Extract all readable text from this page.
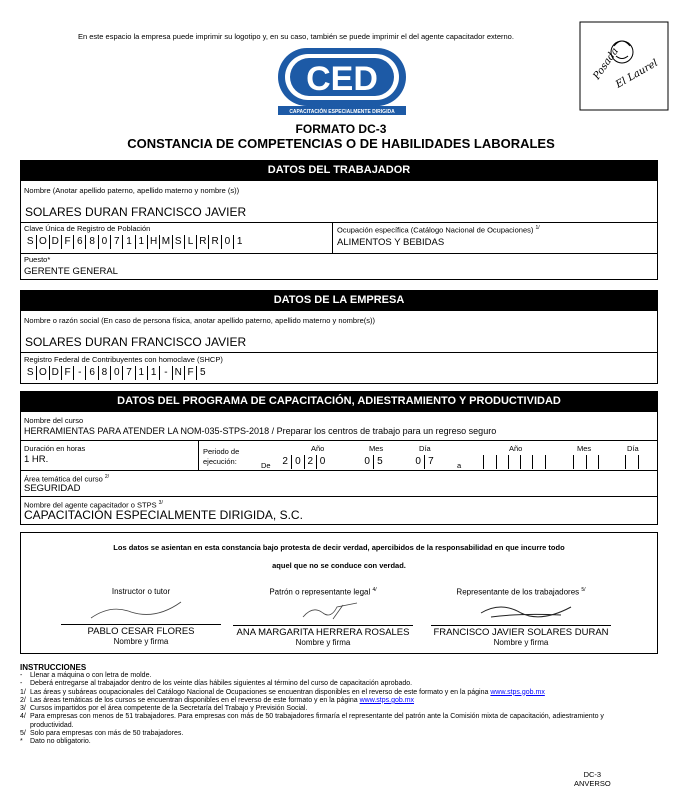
En este espacio la empresa puede imprimir su logotipo y, en su caso, también se puede imprimir el del agente capacitador externo.
CED
CAPACITACIÓN ESPECIALMENTE DIRIGIDA
Posada
El Laurel
FORMATO DC-3
CONSTANCIA DE COMPETENCIAS O DE HABILIDADES LABORALES
DATOS DEL TRABAJADOR
Nombre (Anotar apellido paterno, apellido materno y nombre (s))
SOLARES DURAN FRANCISCO JAVIER
Clave Única de Registro de Población
S O D F 6 8 0 7 1 1 H M S L R R 0 1
Ocupación específica (Catálogo Nacional de Ocupaciones) $^{1/}$
ALIMENTOS Y BEBIDAS
Puesto*
GERENTE GENERAL
DATOS DE LA EMPRESA
Nombre o razón social (En caso de persona física, anotar apellido paterno, apellido materno y nombre(s))
SOLARES DURAN FRANCISCO JAVIER
Registro Federal de Contribuyentes con homoclave (SHCP)
S O D F - 6 8 0 7 1 1 - N F 5
DATOS DEL PROGRAMA DE CAPACITACIÓN, ADIESTRAMIENTO Y PRODUCTIVIDAD
Nombre del curso
HERRAMIENTAS PARA ATENDER LA NOM-035-STPS-2018 / Preparar los centros de trabajo para un regreso seguro
Duración en horas
1 HR.
Periodo de
ejecución:	De
Año	Mes	Día
2 0 2 0	0 5	0 7	a
Año	Mes	Día
Área temática del curso $^{2/}$
SEGURIDAD
Nombre del agente capacitador o STPS $^{3/}$
CAPACITACIÓN ESPECIALMENTE DIRIGIDA, S.C.
Los datos se asientan en esta constancia bajo protesta de decir verdad, apercibidos de la responsabilidad en que incurre todo
aquel que no se conduce con verdad.
Instructor o tutor
PABLO CESAR FLORES
Nombre y firma
Patrón o representante legal $^{4/}$
ANA MARGARITA HERRERA ROSALES
Nombre y firma
Representante de los trabajadores $^{5/}$
FRANCISCO JAVIER SOLARES DURAN
Nombre y firma
INSTRUCCIONES
-	Llenar a máquina o con letra de molde.
-	Deberá entregarse al trabajador dentro de los veinte días hábiles siguientes al término del curso de capacitación aprobado.
1/ Las áreas y subáreas ocupacionales del Catálogo Nacional de Ocupaciones se encuentran disponibles en el reverso de este formato y en la página www.stps.gob.mx
2/ Las áreas temáticas de los cursos se encuentran disponibles en el reverso de este formato y en la página www.stps.gob.mx
3/ Cursos impartidos por el área competente de la Secretaría del Trabajo y Previsión Social.
4/ Para empresas con menos de 51 trabajadores. Para empresas con más de 50 trabajadores firmaría el representante del patrón ante la Comisión mixta de capacitación, adiestramiento y productividad.
5/ Solo para empresas con más de 50 trabajadores.
*	Dato no obligatorio.
DC-3
ANVERSO
